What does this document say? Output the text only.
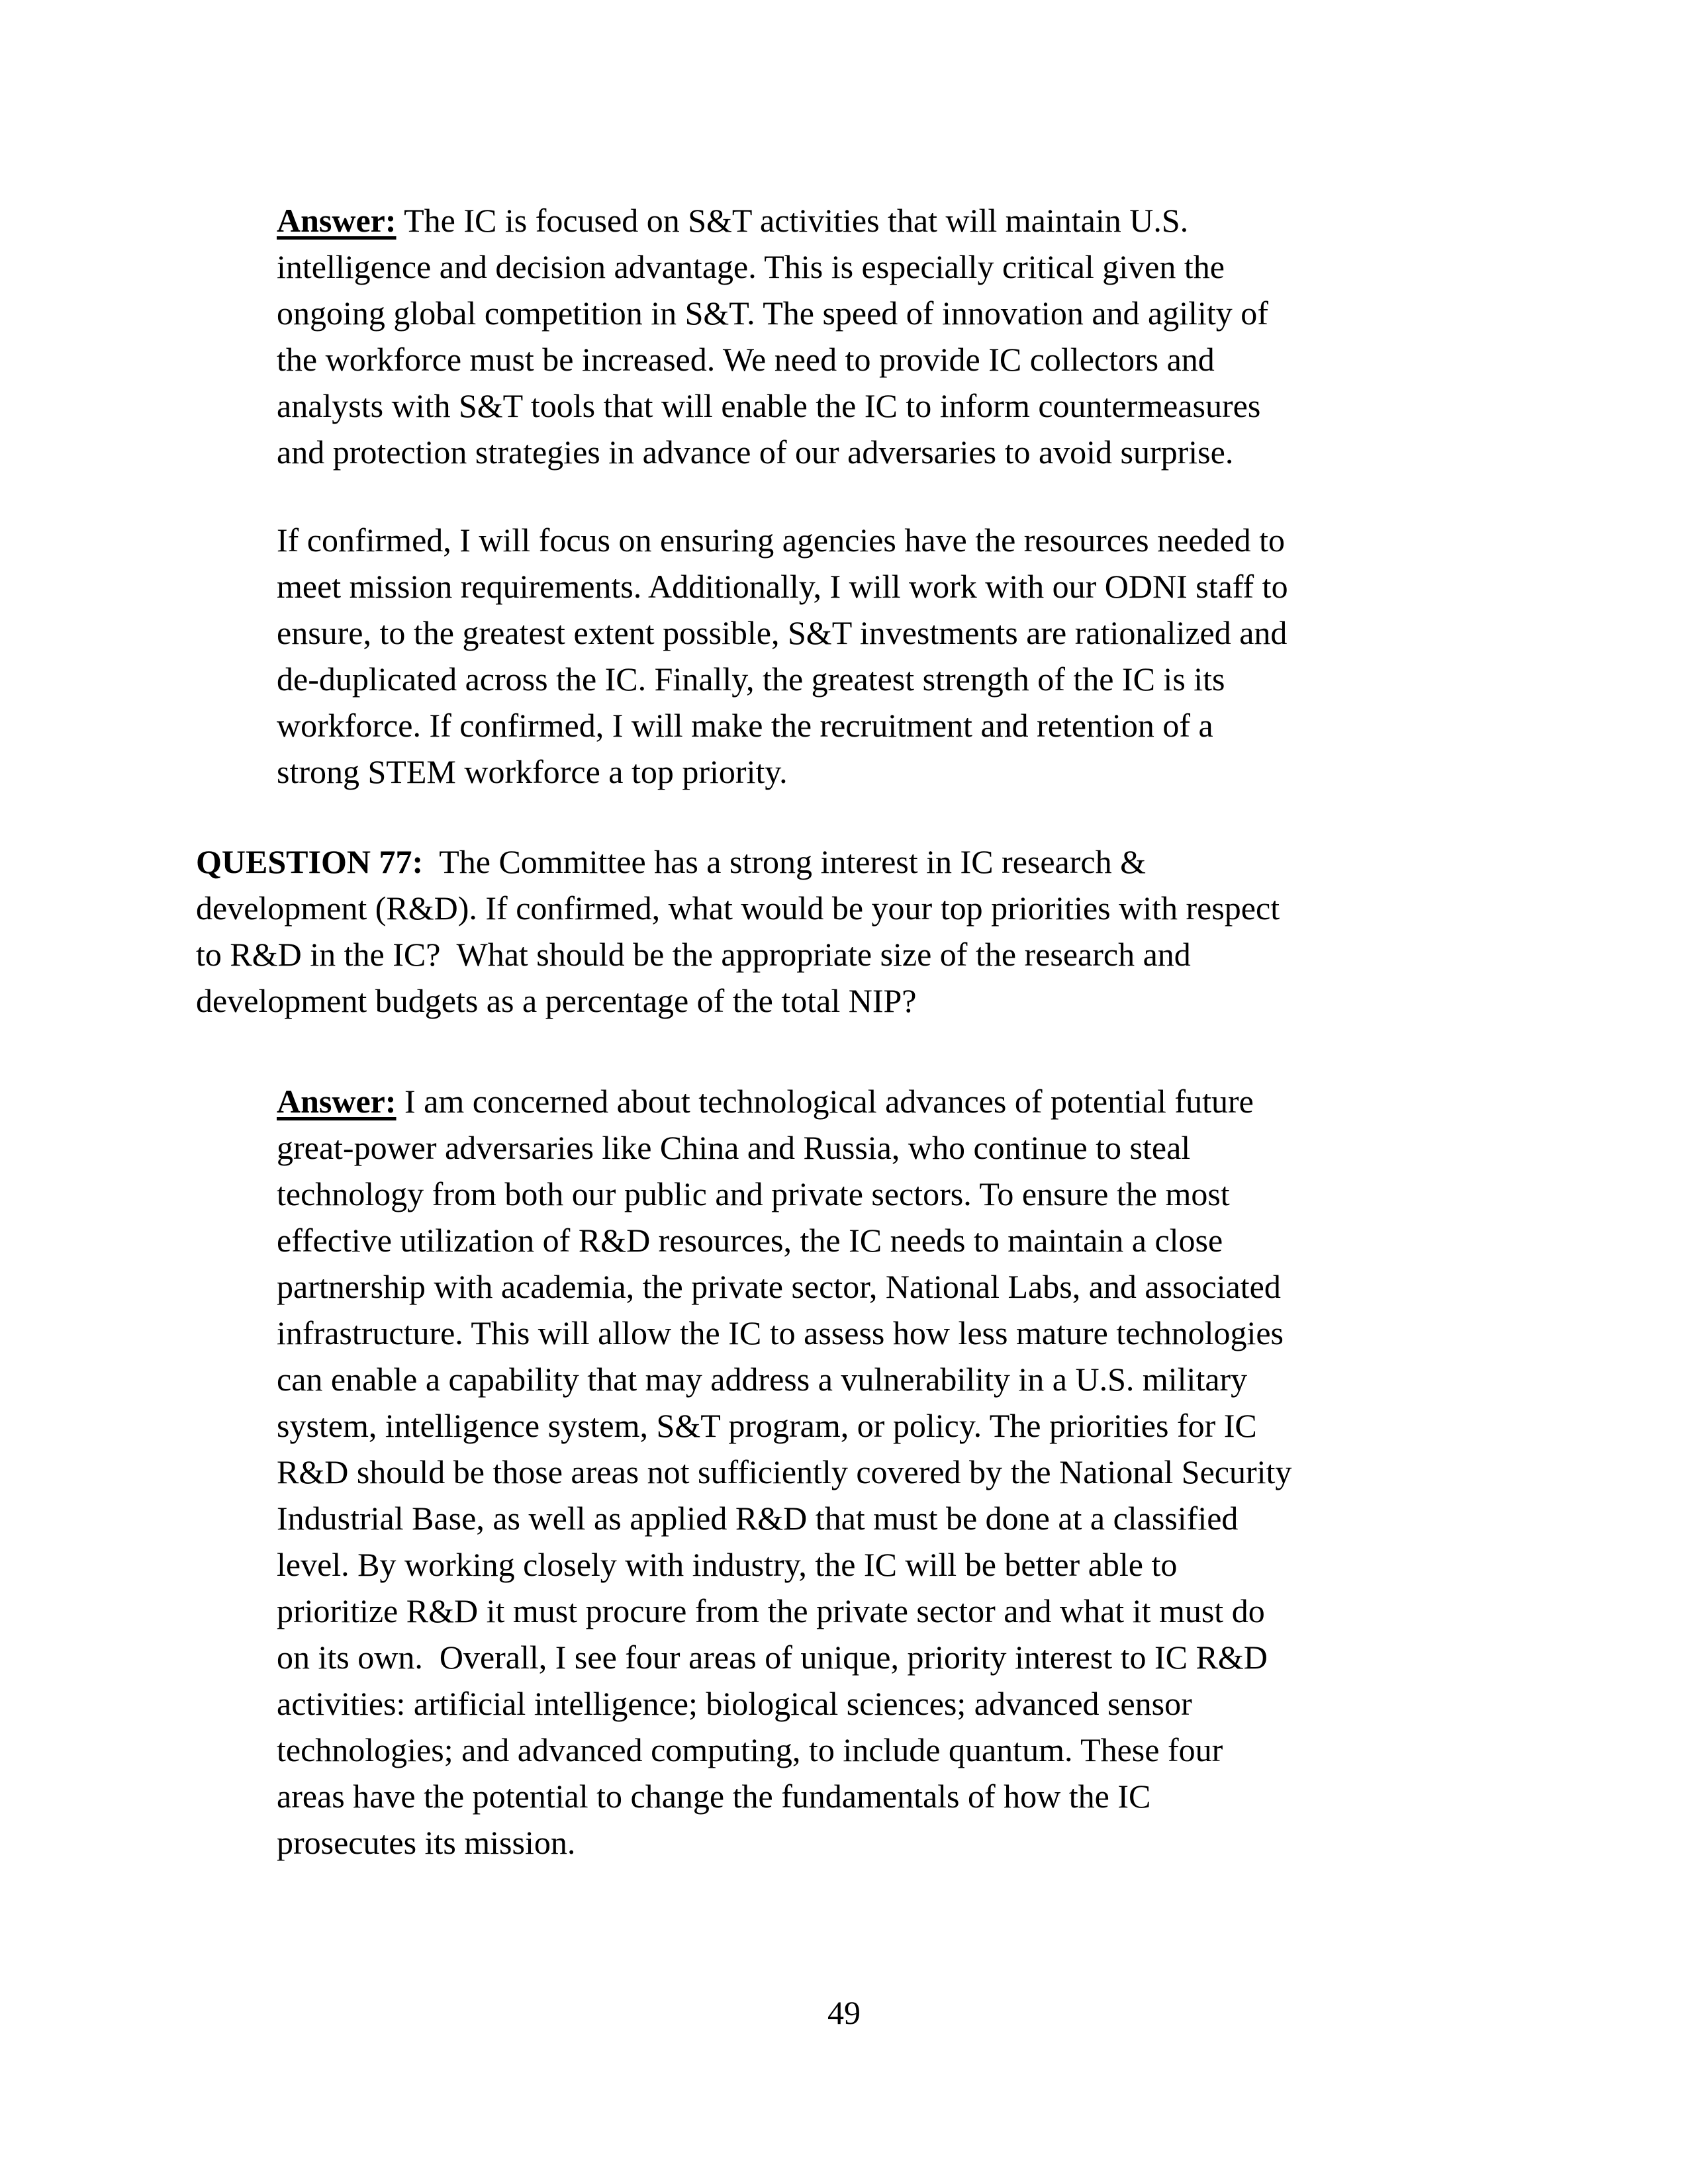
Answer: The IC is focused on S&T activities that will maintain U.S.
intelligence and decision advantage. This is especially critical given the
ongoing global competition in S&T. The speed of innovation and agility of
the workforce must be increased. We need to provide IC collectors and
analysts with S&T tools that will enable the IC to inform countermeasures
and protection strategies in advance of our adversaries to avoid surprise.
If confirmed, I will focus on ensuring agencies have the resources needed to
meet mission requirements. Additionally, I will work with our ODNI staff to
ensure, to the greatest extent possible, S&T investments are rationalized and
de-duplicated across the IC. Finally, the greatest strength of the IC is its
workforce. If confirmed, I will make the recruitment and retention of a
strong STEM workforce a top priority.
QUESTION 77:  The Committee has a strong interest in IC research &
development (R&D). If confirmed, what would be your top priorities with respect
to R&D in the IC?  What should be the appropriate size of the research and
development budgets as a percentage of the total NIP?
Answer: I am concerned about technological advances of potential future
great-power adversaries like China and Russia, who continue to steal
technology from both our public and private sectors. To ensure the most
effective utilization of R&D resources, the IC needs to maintain a close
partnership with academia, the private sector, National Labs, and associated
infrastructure. This will allow the IC to assess how less mature technologies
can enable a capability that may address a vulnerability in a U.S. military
system, intelligence system, S&T program, or policy. The priorities for IC
R&D should be those areas not sufficiently covered by the National Security
Industrial Base, as well as applied R&D that must be done at a classified
level. By working closely with industry, the IC will be better able to
prioritize R&D it must procure from the private sector and what it must do
on its own.  Overall, I see four areas of unique, priority interest to IC R&D
activities: artificial intelligence; biological sciences; advanced sensor
technologies; and advanced computing, to include quantum. These four
areas have the potential to change the fundamentals of how the IC
prosecutes its mission.
49
